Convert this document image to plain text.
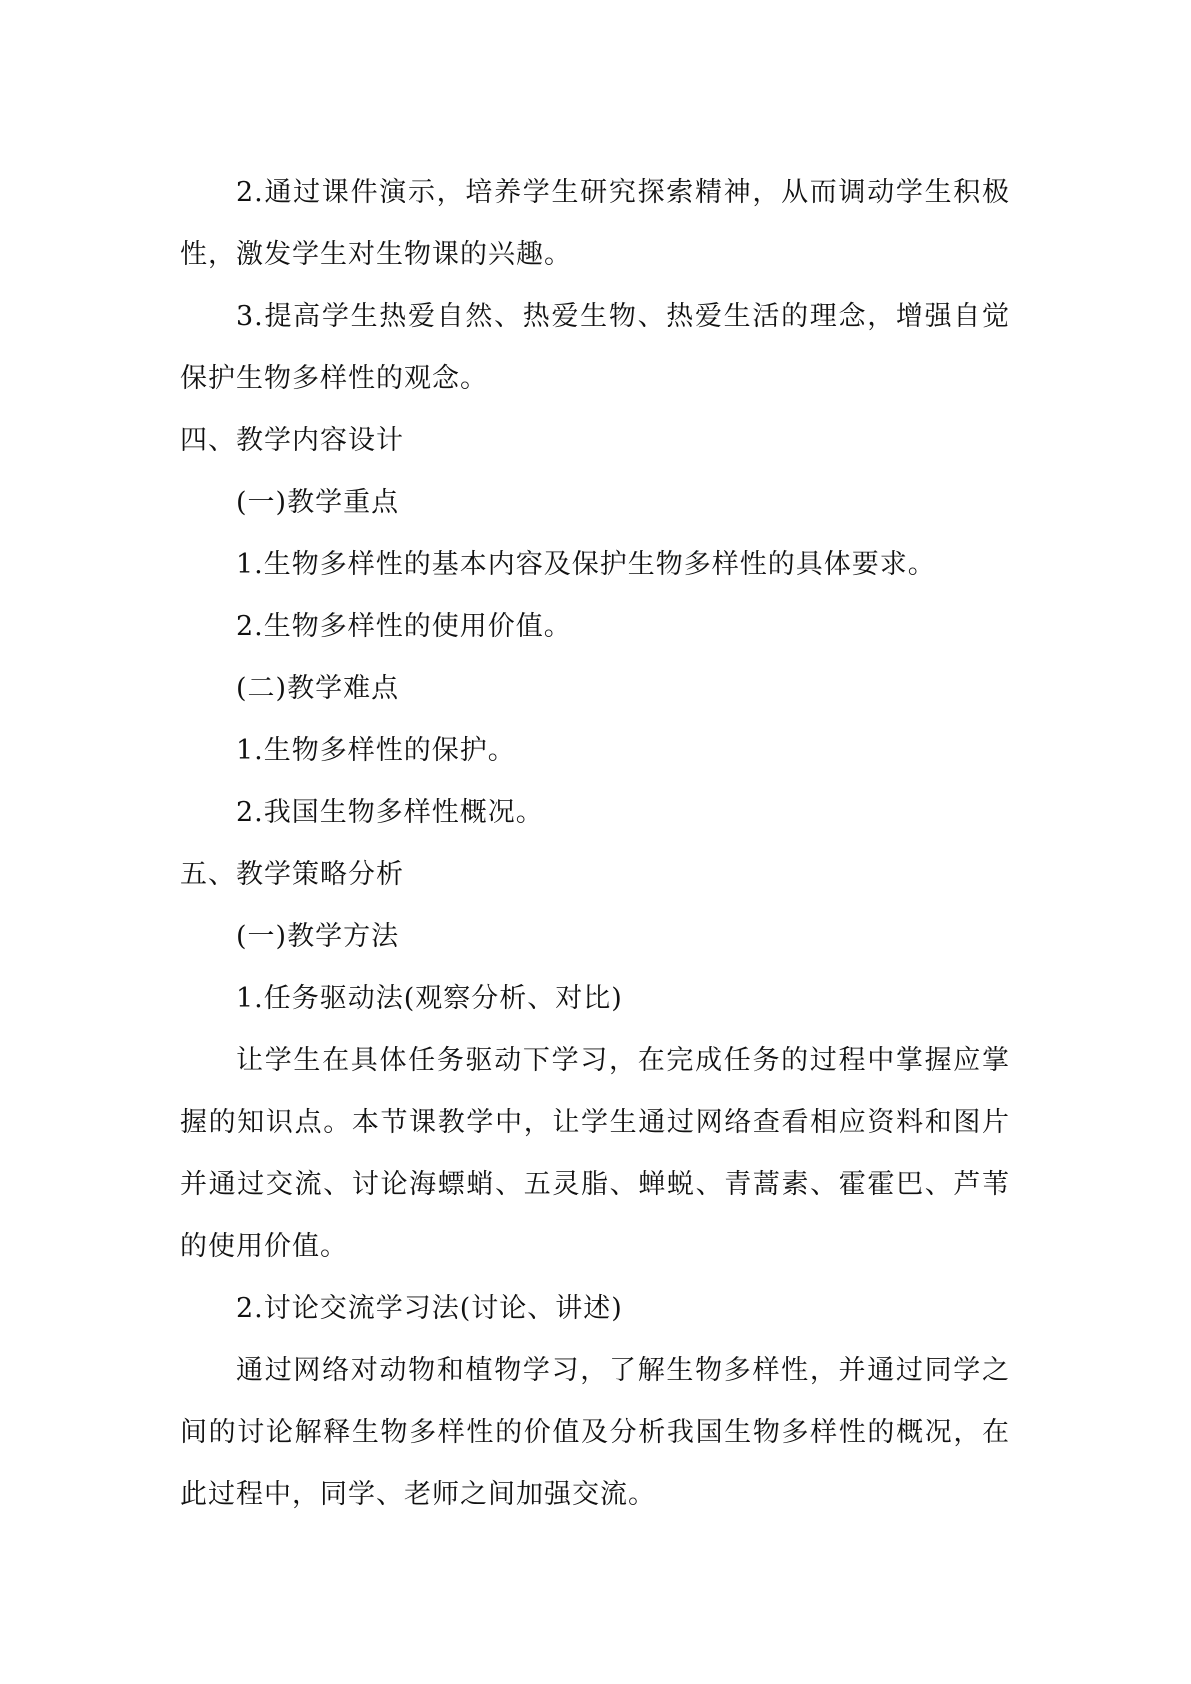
2.通过课件演示，培养学生研究探索精神，从而调动学生积极性，激发学生对生物课的兴趣。

3.提高学生热爱自然、热爱生物、热爱生活的理念，增强自觉保护生物多样性的观念。

四、教学内容设计

(一)教学重点

1.生物多样性的基本内容及保护生物多样性的具体要求。

2.生物多样性的使用价值。

(二)教学难点

1.生物多样性的保护。

2.我国生物多样性概况。

五、教学策略分析

(一)教学方法

1.任务驱动法(观察分析、对比)

让学生在具体任务驱动下学习，在完成任务的过程中掌握应掌握的知识点。本节课教学中，让学生通过网络查看相应资料和图片并通过交流、讨论海螵蛸、五灵脂、蝉蜕、青蒿素、霍霍巴、芦苇的使用价值。

2.讨论交流学习法(讨论、讲述)

通过网络对动物和植物学习，了解生物多样性，并通过同学之间的讨论解释生物多样性的价值及分析我国生物多样性的概况，在此过程中，同学、老师之间加强交流。
